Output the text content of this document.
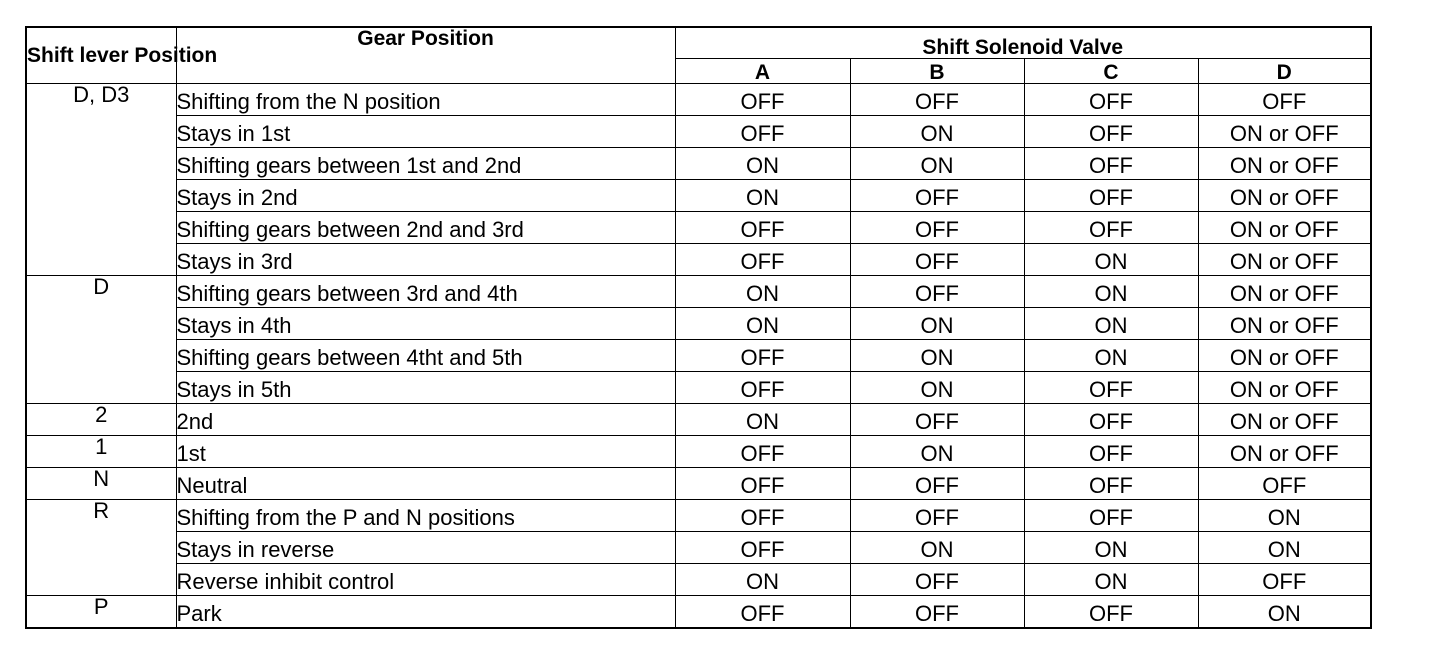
Shift lever Position	Gear Position	Shift Solenoid Valve			
		A	B	C	D
D, D3	Shifting from the N position	OFF	OFF	OFF	OFF
	Stays in 1st	OFF	ON	OFF	ON or OFF
	Shifting gears between 1st and 2nd	ON	ON	OFF	ON or OFF
	Stays in 2nd	ON	OFF	OFF	ON or OFF
	Shifting gears between 2nd and 3rd	OFF	OFF	OFF	ON or OFF
	Stays in 3rd	OFF	OFF	ON	ON or OFF
D	Shifting gears between 3rd and 4th	ON	OFF	ON	ON or OFF
	Stays in 4th	ON	ON	ON	ON or OFF
	Shifting gears between 4tht and 5th	OFF	ON	ON	ON or OFF
	Stays in 5th	OFF	ON	OFF	ON or OFF
2	2nd	ON	OFF	OFF	ON or OFF
1	1st	OFF	ON	OFF	ON or OFF
N	Neutral	OFF	OFF	OFF	OFF
R	Shifting from the P and N positions	OFF	OFF	OFF	ON
	Stays in reverse	OFF	ON	ON	ON
	Reverse inhibit control	ON	OFF	ON	OFF
P	Park	OFF	OFF	OFF	ON
